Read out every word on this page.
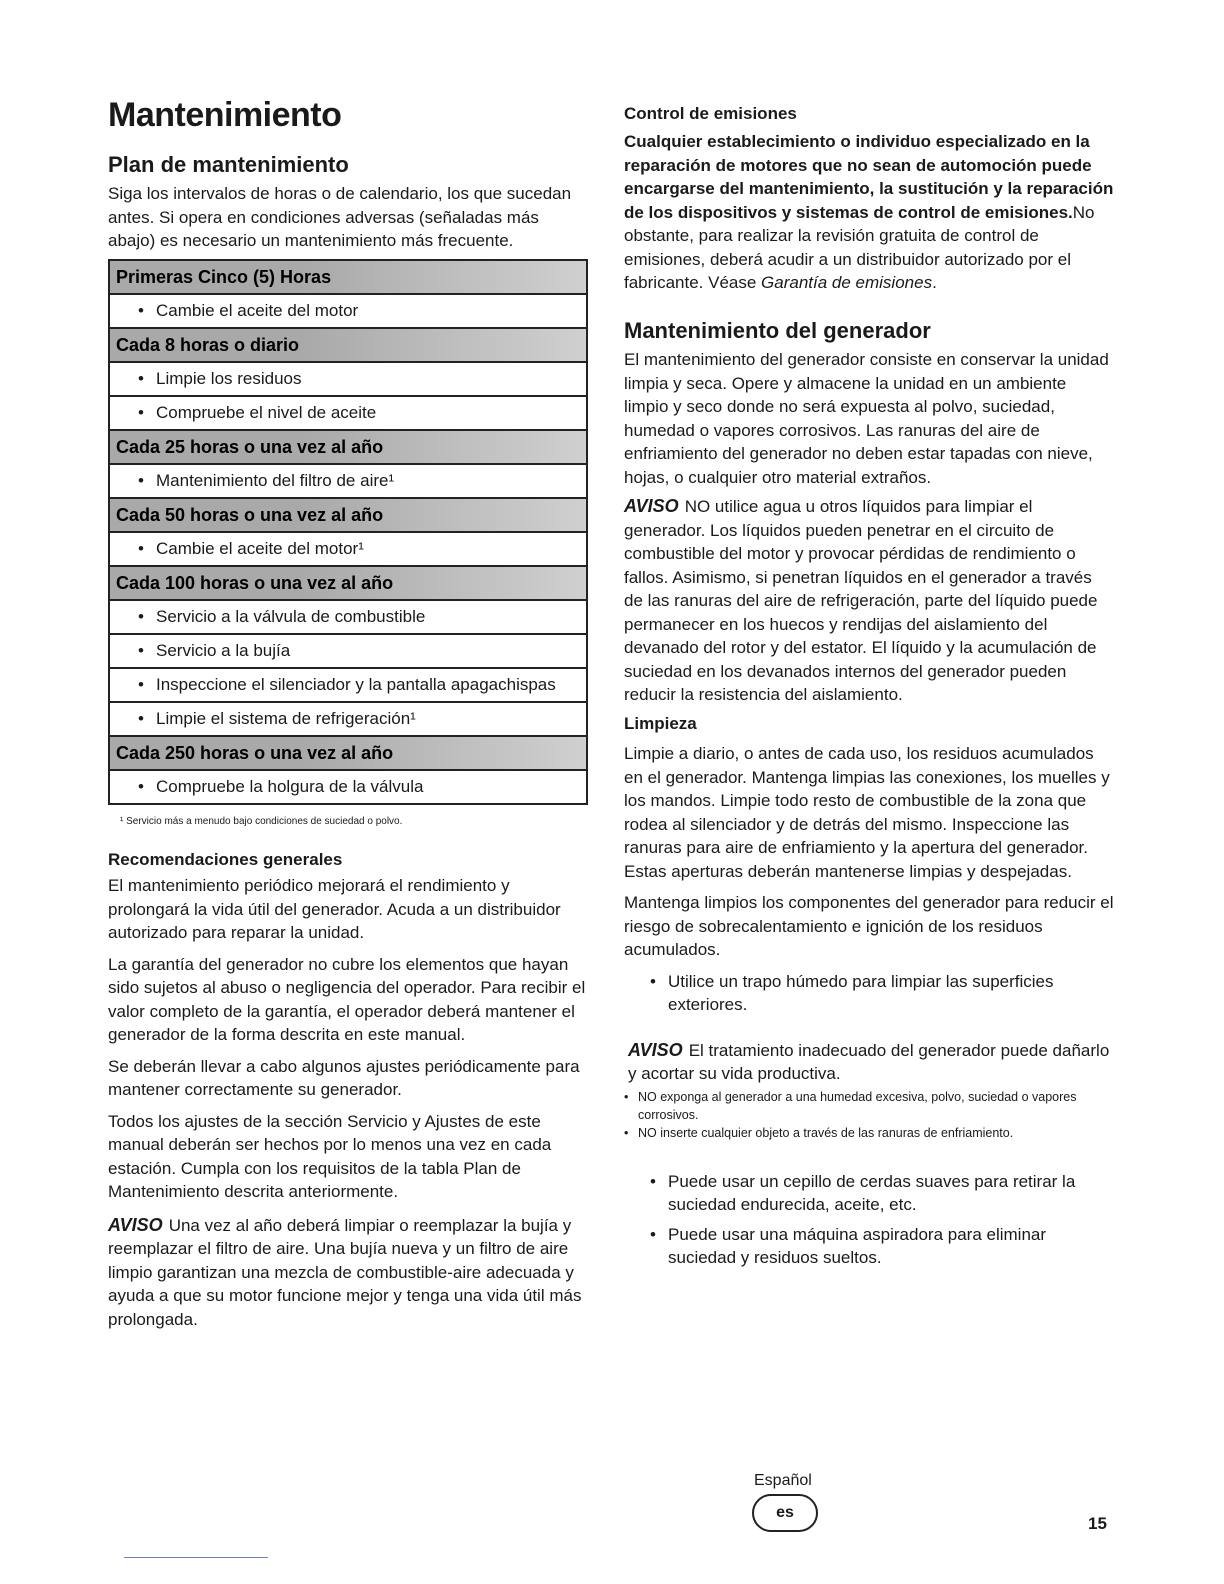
Mantenimiento
Plan de mantenimiento

Siga los intervalos de horas o de calendario, los que sucedan antes. Si opera en condiciones adversas (señaladas más abajo) es necesario un mantenimiento más frecuente.

Primeras Cinco (5) Horas
• Cambie el aceite del motor
Cada 8 horas o diario
• Limpie los residuos
• Compruebe el nivel de aceite
Cada 25 horas o una vez al año
• Mantenimiento del filtro de aire¹
Cada 50 horas o una vez al año
• Cambie el aceite del motor¹
Cada 100 horas o una vez al año
• Servicio a la válvula de combustible
• Servicio a la bujía
• Inspeccione el silenciador y la pantalla apagachispas
• Limpie el sistema de refrigeración¹
Cada 250 horas o una vez al año
• Compruebe la holgura de la válvula
¹ Servicio más a menudo bajo condiciones de suciedad o polvo.
Recomendaciones generales

El mantenimiento periódico mejorará el rendimiento y prolongará la vida útil del generador. Acuda a un distribuidor autorizado para reparar la unidad.

La garantía del generador no cubre los elementos que hayan sido sujetos al abuso o negligencia del operador. Para recibir el valor completo de la garantía, el operador deberá mantener el generador de la forma descrita en este manual.

Se deberán llevar a cabo algunos ajustes periódicamente para mantener correctamente su generador.

Todos los ajustes de la sección Servicio y Ajustes de este manual deberán ser hechos por lo menos una vez en cada estación. Cumpla con los requisitos de la tabla Plan de Mantenimiento descrita anteriormente.

AVISO Una vez al año deberá limpiar o reemplazar la bujía y reemplazar el filtro de aire. Una bujía nueva y un filtro de aire limpio garantizan una mezcla de combustible-aire adecuada y ayuda a que su motor funcione mejor y tenga una vida útil más prolongada.

Control de emisiones

Cualquier establecimiento o individuo especializado en la reparación de motores que no sean de automoción puede encargarse del mantenimiento, la sustitución y la reparación de los dispositivos y sistemas de control de emisiones.No obstante, para realizar la revisión gratuita de control de emisiones, deberá acudir a un distribuidor autorizado por el fabricante. Véase Garantía de emisiones.

Mantenimiento del generador

El mantenimiento del generador consiste en conservar la unidad limpia y seca. Opere y almacene la unidad en un ambiente limpio y seco donde no será expuesta al polvo, suciedad, humedad o vapores corrosivos. Las ranuras del aire de enfriamiento del generador no deben estar tapadas con nieve, hojas, o cualquier otro material extraños.

AVISO NO utilice agua u otros líquidos para limpiar el generador. Los líquidos pueden penetrar en el circuito de combustible del motor y provocar pérdidas de rendimiento o fallos. Asimismo, si penetran líquidos en el generador a través de las ranuras del aire de refrigeración, parte del líquido puede permanecer en los huecos y rendijas del aislamiento del devanado del rotor y del estator. El líquido y la acumulación de suciedad en los devanados internos del generador pueden reducir la resistencia del aislamiento.

Limpieza

Limpie a diario, o antes de cada uso, los residuos acumulados en el generador. Mantenga limpias las conexiones, los muelles y los mandos. Limpie todo resto de combustible de la zona que rodea al silenciador y de detrás del mismo. Inspeccione las ranuras para aire de enfriamiento y la apertura del generador. Estas aperturas deberán mantenerse limpias y despejadas.

Mantenga limpios los componentes del generador para reducir el riesgo de sobrecalentamiento e ignición de los residuos acumulados.

• Utilice un trapo húmedo para limpiar las superficies exteriores.

AVISO El tratamiento inadecuado del generador puede dañarlo y acortar su vida productiva.

• NO exponga al generador a una humedad excesiva, polvo, suciedad o vapores corrosivos.
• NO inserte cualquier objeto a través de las ranuras de enfriamiento.
• Puede usar un cepillo de cerdas suaves para retirar la suciedad endurecida, aceite, etc.
• Puede usar una máquina aspiradora para eliminar suciedad y residuos sueltos.
Español
es
15
